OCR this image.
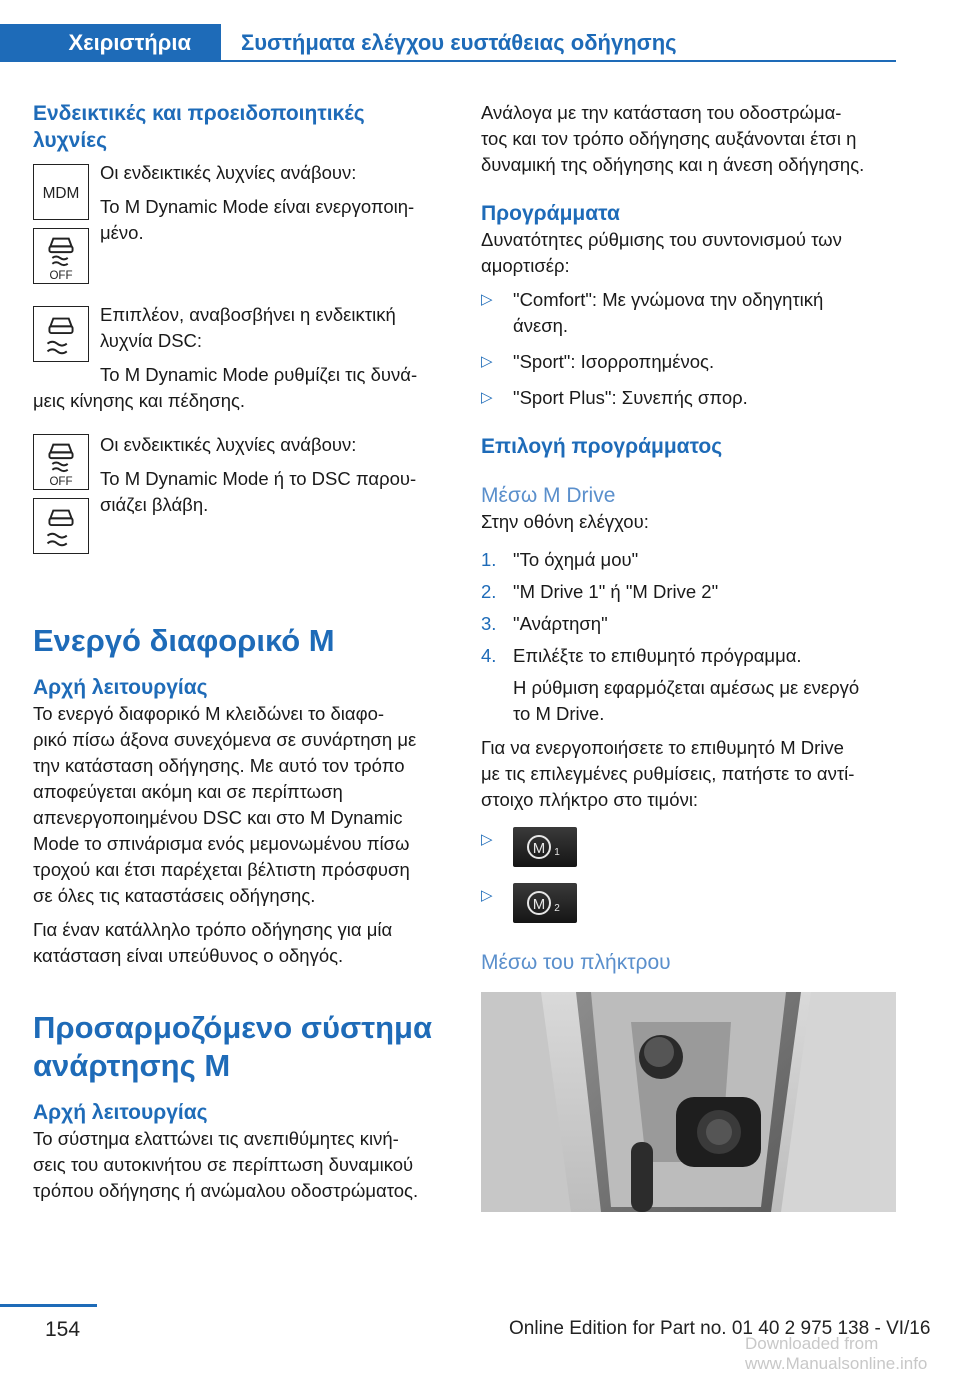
Χειριστήρια	Συστήματα ελέγχου ευστάθειας οδήγησης
Ενδεικτικές και προειδοποιητικές λυχνίες
MDM
OFF

Οι ενδεικτικές λυχνίες ανάβουν:

Το M Dynamic Mode είναι ενεργοποιη‐

μένο.

Επιπλέον, αναβοσβήνει η ενδεικτική

λυχνία DSC:

Το M Dynamic Mode ρυθμίζει τις δυνά‐

μεις κίνησης και πέδησης.

OFF

Οι ενδεικτικές λυχνίες ανάβουν:

Το M Dynamic Mode ή το DSC παρου‐

σιάζει βλάβη.

Ενεργό διαφορικό M
Αρχή λειτουργίας

Το ενεργό διαφορικό M κλειδώνει το διαφο‐

ρικό πίσω άξονα συνεχόμενα σε συνάρτηση με

την κατάσταση οδήγησης. Με αυτό τον τρόπο

αποφεύγεται ακόμη και σε περίπτωση

απενεργοποιημένου DSC και στο M Dynamic

Mode το σπινάρισμα ενός μεμονωμένου πίσω

τροχού και έτσι παρέχεται βέλτιστη πρόσφυση

σε όλες τις καταστάσεις οδήγησης.

Για έναν κατάλληλο τρόπο οδήγησης για μία

κατάσταση είναι υπεύθυνος ο οδηγός.

Προσαρμοζόμενο σύστημα
ανάρτησης M
Αρχή λειτουργίας

Το σύστημα ελαττώνει τις ανεπιθύμητες κινή‐

σεις του αυτοκινήτου σε περίπτωση δυναμικού

τρόπου οδήγησης ή ανώμαλου οδοστρώματος.

Ανάλογα με την κατάσταση του οδοστρώμα‐

τος και τον τρόπο οδήγησης αυξάνονται έτσι η

δυναμική της οδήγησης και η άνεση οδήγησης.

Προγράμματα

Δυνατότητες ρύθμισης του συντονισμού των

αμορτισέρ:

▷	"Comfort": Με γνώμονα την οδηγητική
άνεση.
▷	"Sport": Ισορροπημένος.
▷	"Sport Plus": Συνεπής σπορ.
Επιλογή προγράμματος
Μέσω M Drive

Στην οθόνη ελέγχου:

1. "Το όχημά μου"
2. "M Drive 1" ή "M Drive 2"
3. "Ανάρτηση"
4. Επιλέξτε το επιθυμητό πρόγραμμα.

Η ρύθμιση εφαρμόζεται αμέσως με ενεργό

το M Drive.

Για να ενεργοποιήσετε το επιθυμητό M Drive

με τις επιλεγμένες ρυθμίσεις, πατήστε το αντί‐

στοιχο πλήκτρο στο τιμόνι:

▷
M 1
▷
M 2
Μέσω του πλήκτρου
154	Online Edition for Part no. 01 40 2 975 138 - VI/16
Downloaded from www.Manualsonline.info
